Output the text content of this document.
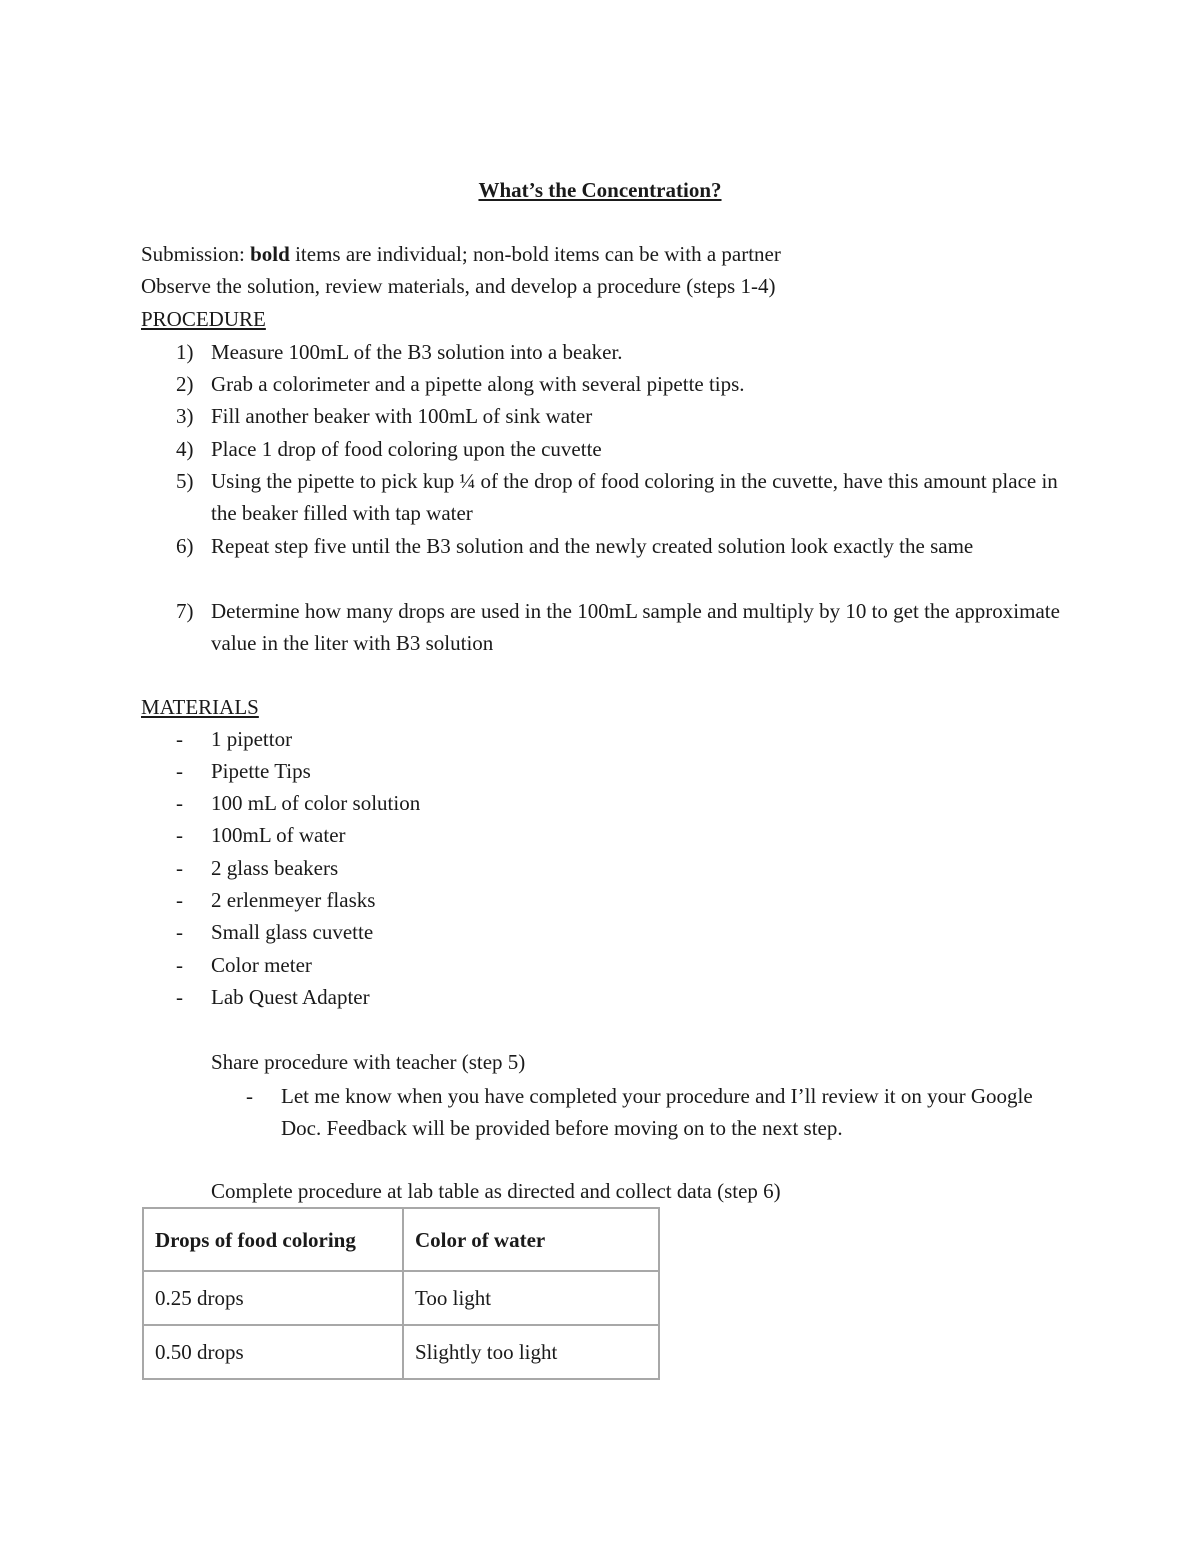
What’s the Concentration?
Submission: bold items are individual; non-bold items can be with a partner
Observe the solution, review materials, and develop a procedure (steps 1-4)
PROCEDURE
1) Measure 100mL of the B3 solution into a beaker.
2) Grab a colorimeter and a pipette along with several pipette tips.
3) Fill another beaker with 100mL of sink water
4) Place 1 drop of food coloring upon the cuvette
5) Using the pipette to pick kup ¼ of the drop of food coloring in the cuvette, have this amount place in the beaker filled with tap water
6) Repeat step five until the B3 solution and the newly created solution look exactly the same
7) Determine how many drops are used in the 100mL sample and multiply by 10 to get the approximate value in the liter with B3 solution
MATERIALS
- 1 pipettor
- Pipette Tips
- 100 mL of color solution
- 100mL of water
- 2 glass beakers
- 2 erlenmeyer flasks
- Small glass cuvette
- Color meter
- Lab Quest Adapter
Share procedure with teacher (step 5)
- Let me know when you have completed your procedure and I’ll review it on your Google Doc. Feedback will be provided before moving on to the next step.
Complete procedure at lab table as directed and collect data (step 6)
Drops of food coloring	Color of water
0.25 drops	Too light
0.50 drops	Slightly too light
